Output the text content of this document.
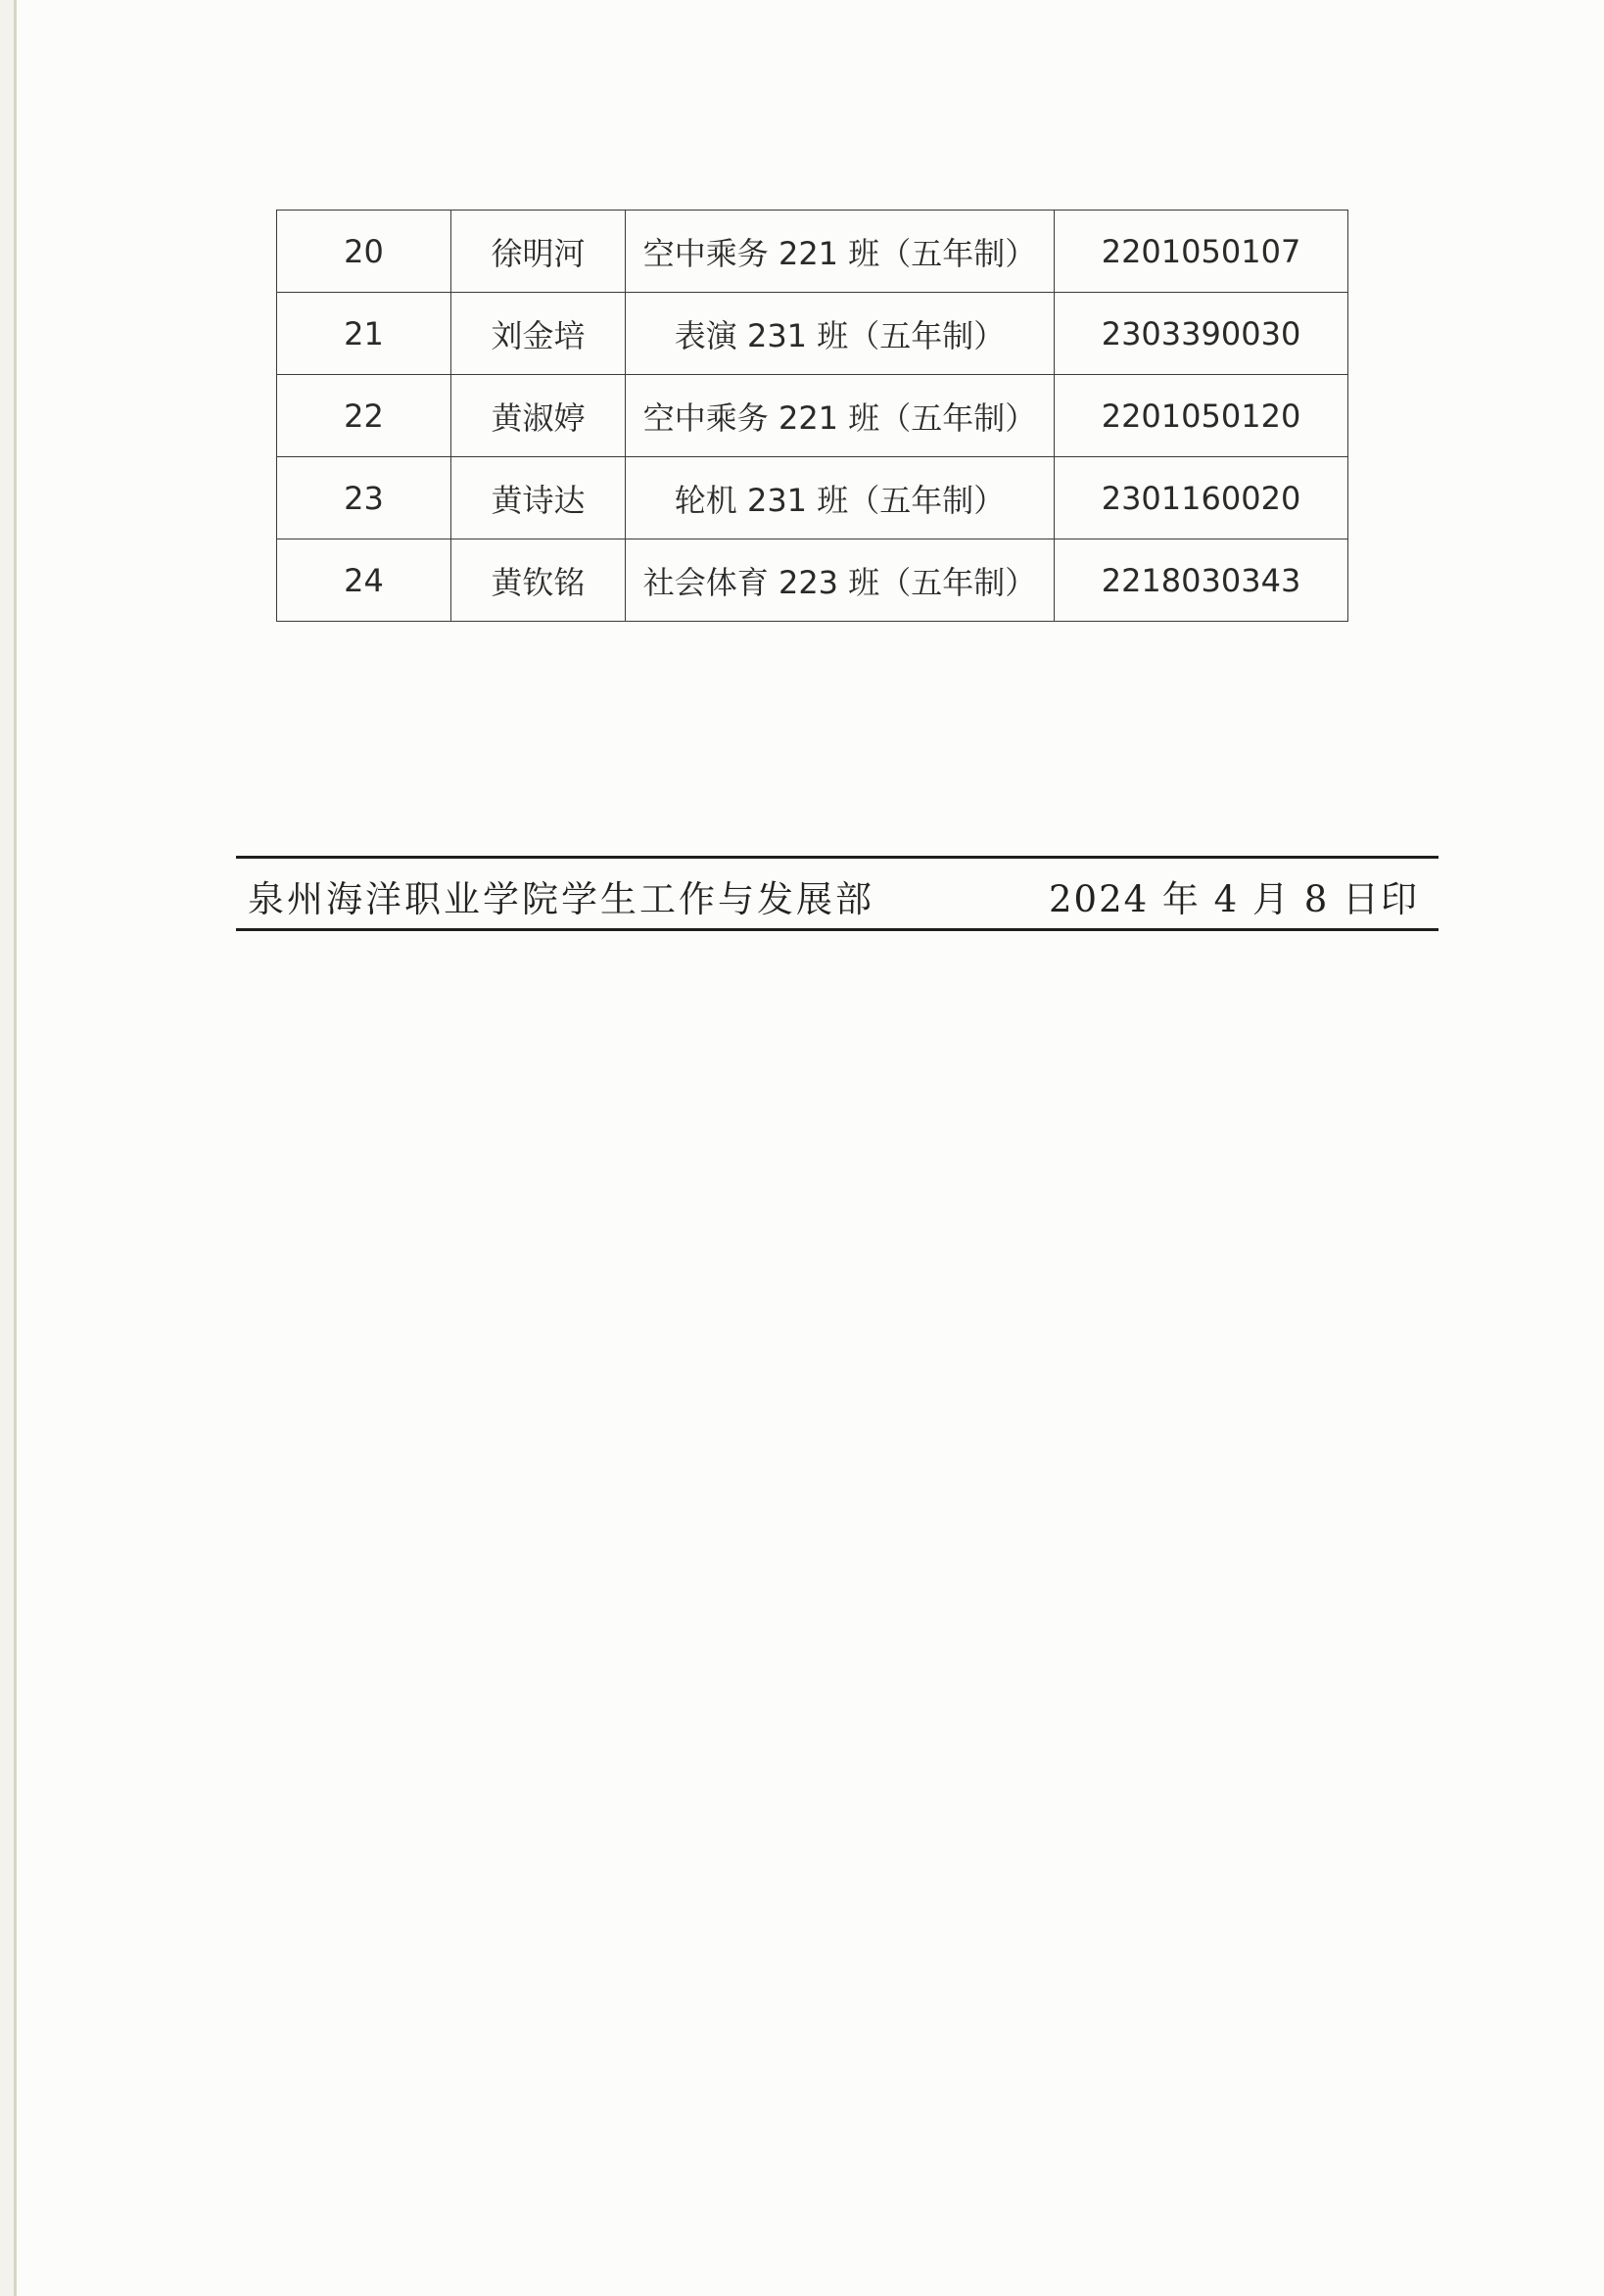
20	徐明河	空中乘务 221 班（五年制）	2201050107
21	刘金培	表演 231 班（五年制）	2303390030
22	黄淑婷	空中乘务 221 班（五年制）	2201050120
23	黄诗达	轮机 231 班（五年制）	2301160020
24	黄钦铭	社会体育 223 班（五年制）	2218030343
泉州海洋职业学院学生工作与发展部	2024 年 4 月 8 日印
